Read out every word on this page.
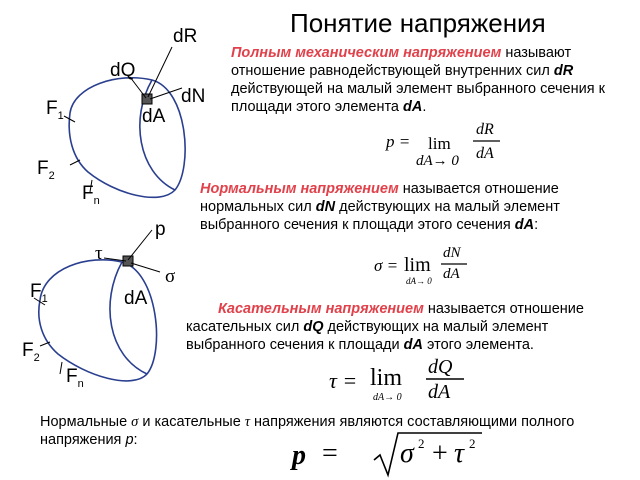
Понятие напряжения
dR
dQ
dN
dA
$F_1$
$F_2$
$F_n$
p
τ
σ
dA
$F_1$
$F_2$
$F_n$
Полным механическим напряжением называют отношение равнодействующей внутренних сил dR действующей на малый элемент выбранного сечения к площади этого элемента dA.
p = lim
dA→ 0
dR
dA
Нормальным напряжением называется отношение нормальных сил dN действующих на малый элемент выбранного сечения к площади этого сечения dA:
σ = lim
dA→ 0
dN
dA
Касательным напряжением называется отношение касательных сил dQ действующих на малый элемент выбранного сечения к площади dA этого элемента.
τ = lim
dA→ 0
dQ
dA
Нормальные σ и касательные τ напряжения являются составляющими полного напряжения p:	p = σ 2 + τ 2
